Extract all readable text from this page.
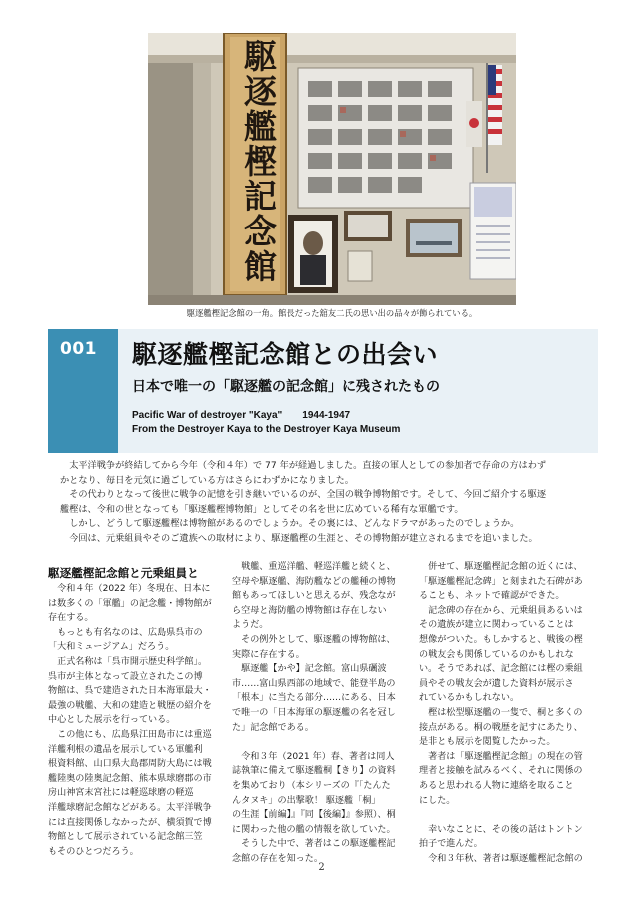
駆逐艦樫記念館
駆逐艦樫記念館の一角。館長だった舘友二氏の思い出の品々が飾られている。
001 駆逐艦樫記念館との出会い
日本で唯一の「駆逐艦の記念館」に残されたもの
Pacific War of destroyer "Kaya"　　1944-1947
From the Destroyer Kaya to the Destroyer Kaya Museum

太平洋戦争が終結してから今年（令和４年）で 77 年が経過しました。直接の軍人としての参加者で存命の方はわず

かとなり、毎日を元気に過ごしている方はさらにわずかになりました。

その代わりとなって後世に戦争の記憶を引き継いでいるのが、全国の戦争博物館です。そして、今回ご紹介する駆逐

艦樫は、令和の世となっても「駆逐艦樫博物館」としてその名を世に広めている稀有な軍艦です。

しかし、どうして駆逐艦樫は博物館があるのでしょうか。その裏には、どんなドラマがあったのでしょうか。

今回は、元乗組員やそのご遺族への取材により、駆逐艦樫の生涯と、その博物館が建立されるまでを追いました。

駆逐艦樫記念館と元乗組員と

令和４年（2022 年）冬現在、日本に

は数多くの「軍艦」の記念艦・博物館が

存在する。

もっとも有名なのは、広島県呉市の

「大和ミュージアム」だろう。

正式名称は「呉市開示歴史科学館」。

呉市が主体となって設立されたこの博

物館は、呉で建造された日本海軍最大・

最強の戦艦、大和の建造と戦歴の紹介を

中心とした展示を行っている。

この他にも、広島県江田島市には重巡

洋艦利根の遺品を展示している軍艦利

根資料館、山口県大島郡周防大島には戦

艦陸奥の陸奥記念館、熊本県球磨郡の市

房山神宮末宮社には軽巡球磨の軽巡

洋艦球磨記念館などがある。太平洋戦争

には直接関係しなかったが、横須賀で博

物館として展示されている記念館三笠

もそのひとつだろう。

戦艦、重巡洋艦、軽巡洋艦と続くと、

空母や駆逐艦、海防艦などの艦種の博物

館もあってほしいと思えるが、残念なが

ら空母と海防艦の博物館は存在しない

ようだ。

その例外として、駆逐艦の博物館は、

実際に存在する。

駆逐艦【かや】記念館。富山県礪波

市……富山県西部の地域で、能登半島の

「根本」に当たる部分……にある、日本

で唯一の「日本海軍の駆逐艦の名を冠し

た」記念館である。

令和３年（2021 年）春、著者は同人

誌執筆に備えて駆逐艦桐【きり】の資料

を集めており（本シリーズの『「たんた

んタヌキ」の出撃歌！ 駆逐艦「桐」

の生涯【前編】』『同【後編】』参照）、桐

に関わった他の艦の情報を欲していた。

そうした中で、著者はこの駆逐艦樫記

念館の存在を知った。

併せて、駆逐艦樫記念館の近くには、

「駆逐艦樫記念碑」と刻まれた石碑があ

ることも、ネットで確認ができた。

記念碑の存在から、元乗組員あるいは

その遺族が建立に関わっていることは

想像がついた。もしかすると、戦後の樫

の戦友会も関係しているのかもしれな

い。そうであれば、記念館には樫の乗組

員やその戦友会が遺した資料が展示さ

れているかもしれない。

樫は松型駆逐艦の一隻で、桐と多くの

接点がある。桐の戦歴を記すにあたり、

是非とも展示を閲覧したかった。

著者は「駆逐艦樫記念館」の現在の管

理者と接触を試みるべく、それに関係の

あると思われる人物に連絡を取ること

にした。

幸いなことに、その後の話はトントン

拍子で進んだ。

令和３年秋、著者は駆逐艦樫記念館の

2
